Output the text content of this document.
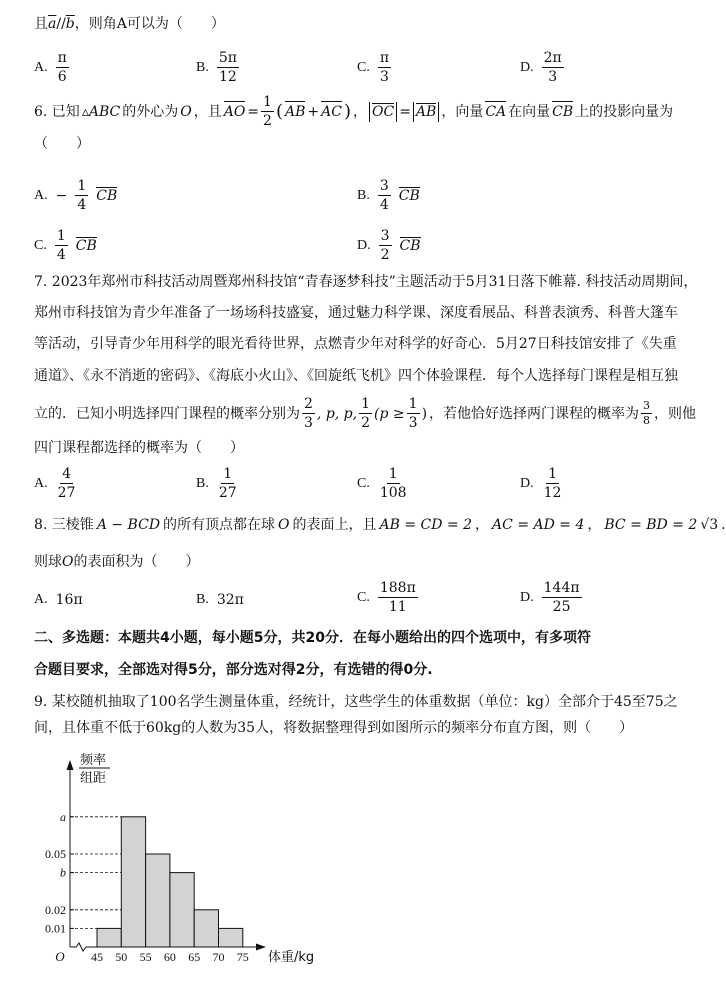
且$\overline{a}//\overline{b}$，则角A可以为（　　）
A. $\frac{\pi}{6}$	B. $\frac{5\pi}{12}$	C. $\frac{\pi}{3}$	D. $\frac{2\pi}{3}$
6. 已知 ▵ABC 的外心为 O ，且 AO = $\frac{1}{2}$ ( AB + AC ) ， OC = AB ，向量 CA 在向量 CB 上的投影向量为
（　　）
A. − $\frac{1}{4}$ CB	B. $\frac{3}{4}$ CB
C. $\frac{1}{4}$ CB	D. $\frac{3}{2}$ CB
7. 2023年郑州市科技活动周暨郑州科技馆“青春逐梦科技”主题活动于5月31日落下帷幕. 科技活动周期间，
郑州市科技馆为青少年准备了一场场科技盛宴，通过魅力科学课、深度看展品、科普表演秀、科普大篷车
等活动，引导青少年用科学的眼光看待世界，点燃青少年对科学的好奇心．5月27日科技馆安排了《失重
通道》、《永不消逝的密码》、《海底小火山》、《回旋纸飞机》四个体验课程．每个人选择每门课程是相互独
立的．已知小明选择四门课程的概率分别为 $\frac{2}{3}$ , p, p, $\frac{1}{2} (p \ge \frac{1}{3}$ ) ，若他恰好选择两门课程的概率为 $\frac{3}{8}$ ，则他
四门课程都选择的概率为（　　）
A. $\frac{4}{27}$	B. $\frac{1}{27}$	C. $\frac{1}{108}$	D. $\frac{1}{12}$
8. 三棱锥 A − BCD 的所有顶点都在球 O 的表面上，且 AB = CD = 2 ， AC = AD = 4 ， BC = BD = 2 √3 .
则球O的表面积为（　　）
A. 16π	B. 32π	C. $\frac{188\pi}{11}$	D. $\frac{144\pi}{25}$
二、多选题：本题共4小题，每小题5分，共20分．在每小题给出的四个选项中，有多项符
合题目要求，全部选对得5分，部分选对得2分，有选错的得0分.
9. 某校随机抽取了100名学生测量体重，经统计，这些学生的体重数据（单位：kg）全部介于45至75之
间，且体重不低于60kg的人数为35人，将数据整理得到如图所示的频率分布直方图，则（　　）
a
0.05
b
0.02
0.01
45 50 55 60 65 70 75
O	体重/kg
频率
组距
